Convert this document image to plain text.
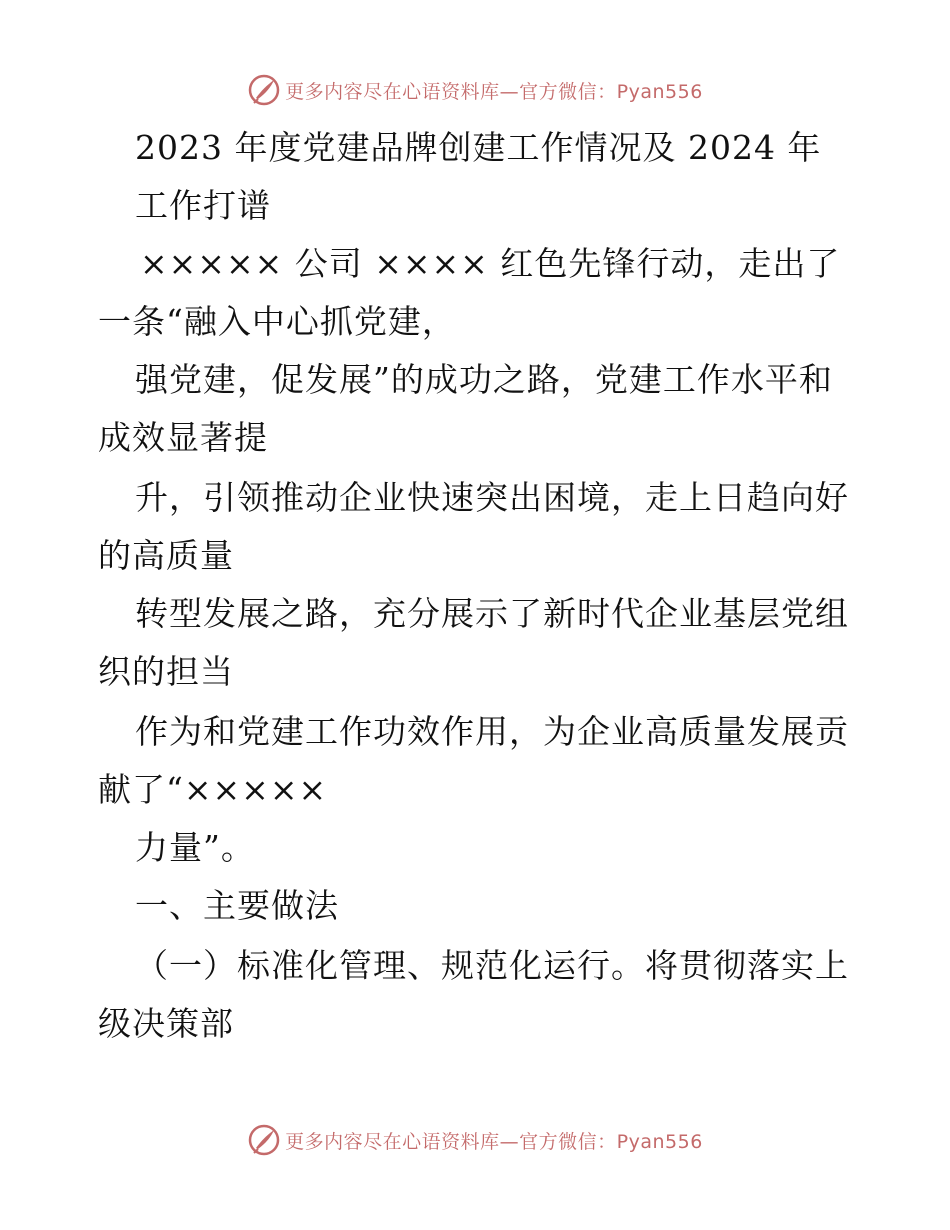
更多内容尽在心语资料库—官方微信：Pyan556
2023 年度党建品牌创建工作情况及 2024 年
工作打谱
××××× 公司 ×××× 红色先锋行动，走出了
一条“融入中心抓党建，
强党建，促发展”的成功之路，党建工作水平和
成效显著提
升，引领推动企业快速突出困境，走上日趋向好
的高质量
转型发展之路，充分展示了新时代企业基层党组
织的担当
作为和党建工作功效作用，为企业高质量发展贡
献了“×××××
力量”。
一、主要做法
（一）标准化管理、规范化运行。将贯彻落实上
级决策部
更多内容尽在心语资料库—官方微信：Pyan556
